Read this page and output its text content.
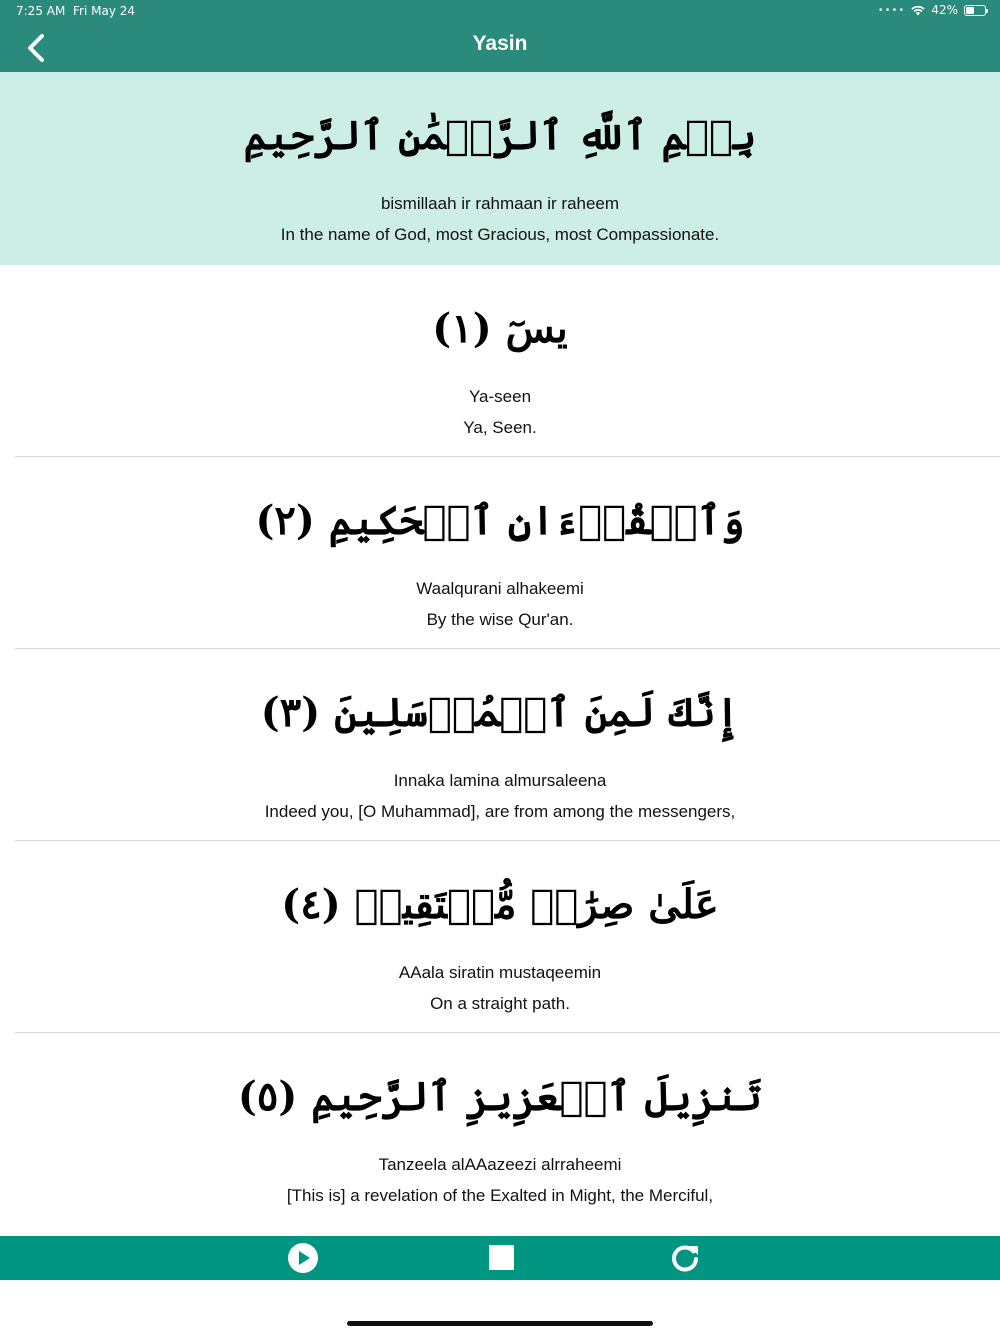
7:25 AM Fri May 24	•••• 42%
Yasin
بِسۡمِ ٱللَّهِ ٱلرَّحۡمَٰنِ ٱلرَّحِيمِ
bismillaah ir rahmaan ir raheem
In the name of God, most Gracious, most Compassionate.
يسٓ (١)
Ya-seen
Ya, Seen.
وَٱلۡقُرۡءَانِ ٱلۡحَكِيمِ (٢)
Waalqurani alhakeemi
By the wise Qur'an.
إِنَّكَ لَمِنَ ٱلۡمُرۡسَلِينَ (٣)
Innaka lamina almursaleena
Indeed you, [O Muhammad], are from among the messengers,
عَلَىٰ صِرَٰطٖ مُّسۡتَقِيمٖ (٤)
AAala siratin mustaqeemin
On a straight path.
تَنزِيلَ ٱلۡعَزِيزِ ٱلرَّحِيمِ (٥)
Tanzeela alAAazeezi alrraheemi
[This is] a revelation of the Exalted in Might, the Merciful,
